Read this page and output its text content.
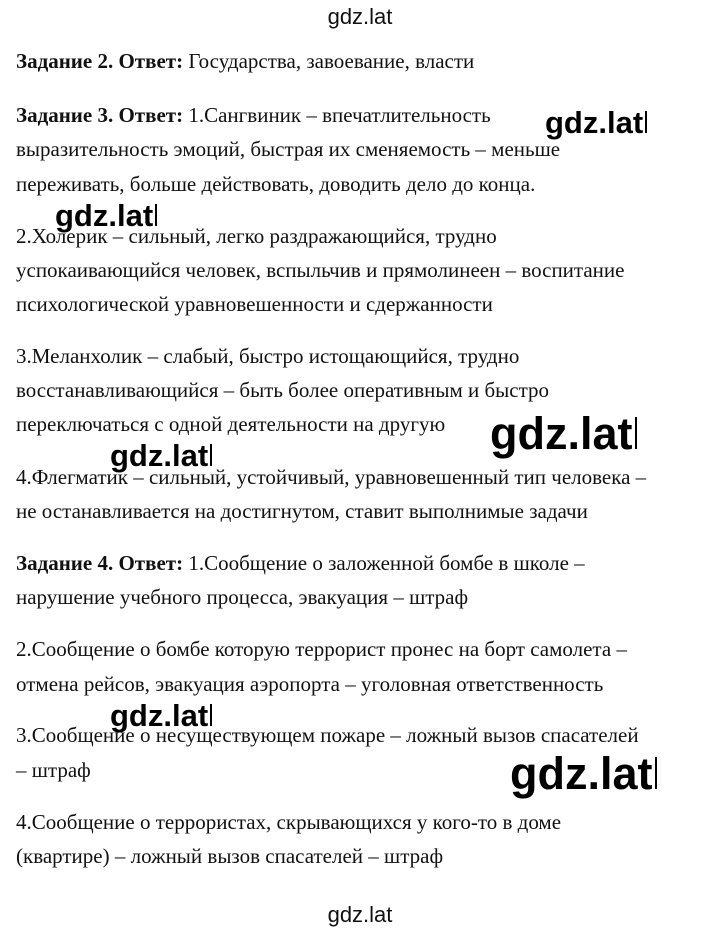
gdz.lat
Задание 2. Ответ: Государства, завоевание, власти
Задание 3. Ответ: 1.Сангвиник – впечатлительность
выразительность эмоций, быстрая их сменяемость – меньше
переживать, больше действовать, доводить дело до конца.
2.Холерик – сильный, легко раздражающийся, трудно
успокаивающийся человек, вспыльчив и прямолинеен – воспитание
психологической уравновешенности и сдержанности
3.Меланхолик – слабый, быстро истощающийся, трудно
восстанавливающийся – быть более оперативным и быстро
переключаться с одной деятельности на другую
4.Флегматик – сильный, устойчивый, уравновешенный тип человека –
не останавливается на достигнутом, ставит выполнимые задачи
Задание 4. Ответ: 1.Сообщение о заложенной бомбе в школе –
нарушение учебного процесса, эвакуация – штраф
2.Сообщение о бомбе которую террорист пронес на борт самолета –
отмена рейсов, эвакуация аэропорта – уголовная ответственность
3.Сообщение о несуществующем пожаре – ложный вызов спасателей
– штраф
4.Сообщение о террористах, скрывающихся у кого-то в доме
(квартире) – ложный вызов спасателей – штраф
gdz.lat
gdz.lat
gdz.lat
gdz.lat
gdz.lat
gdz.lat
gdz.lat
